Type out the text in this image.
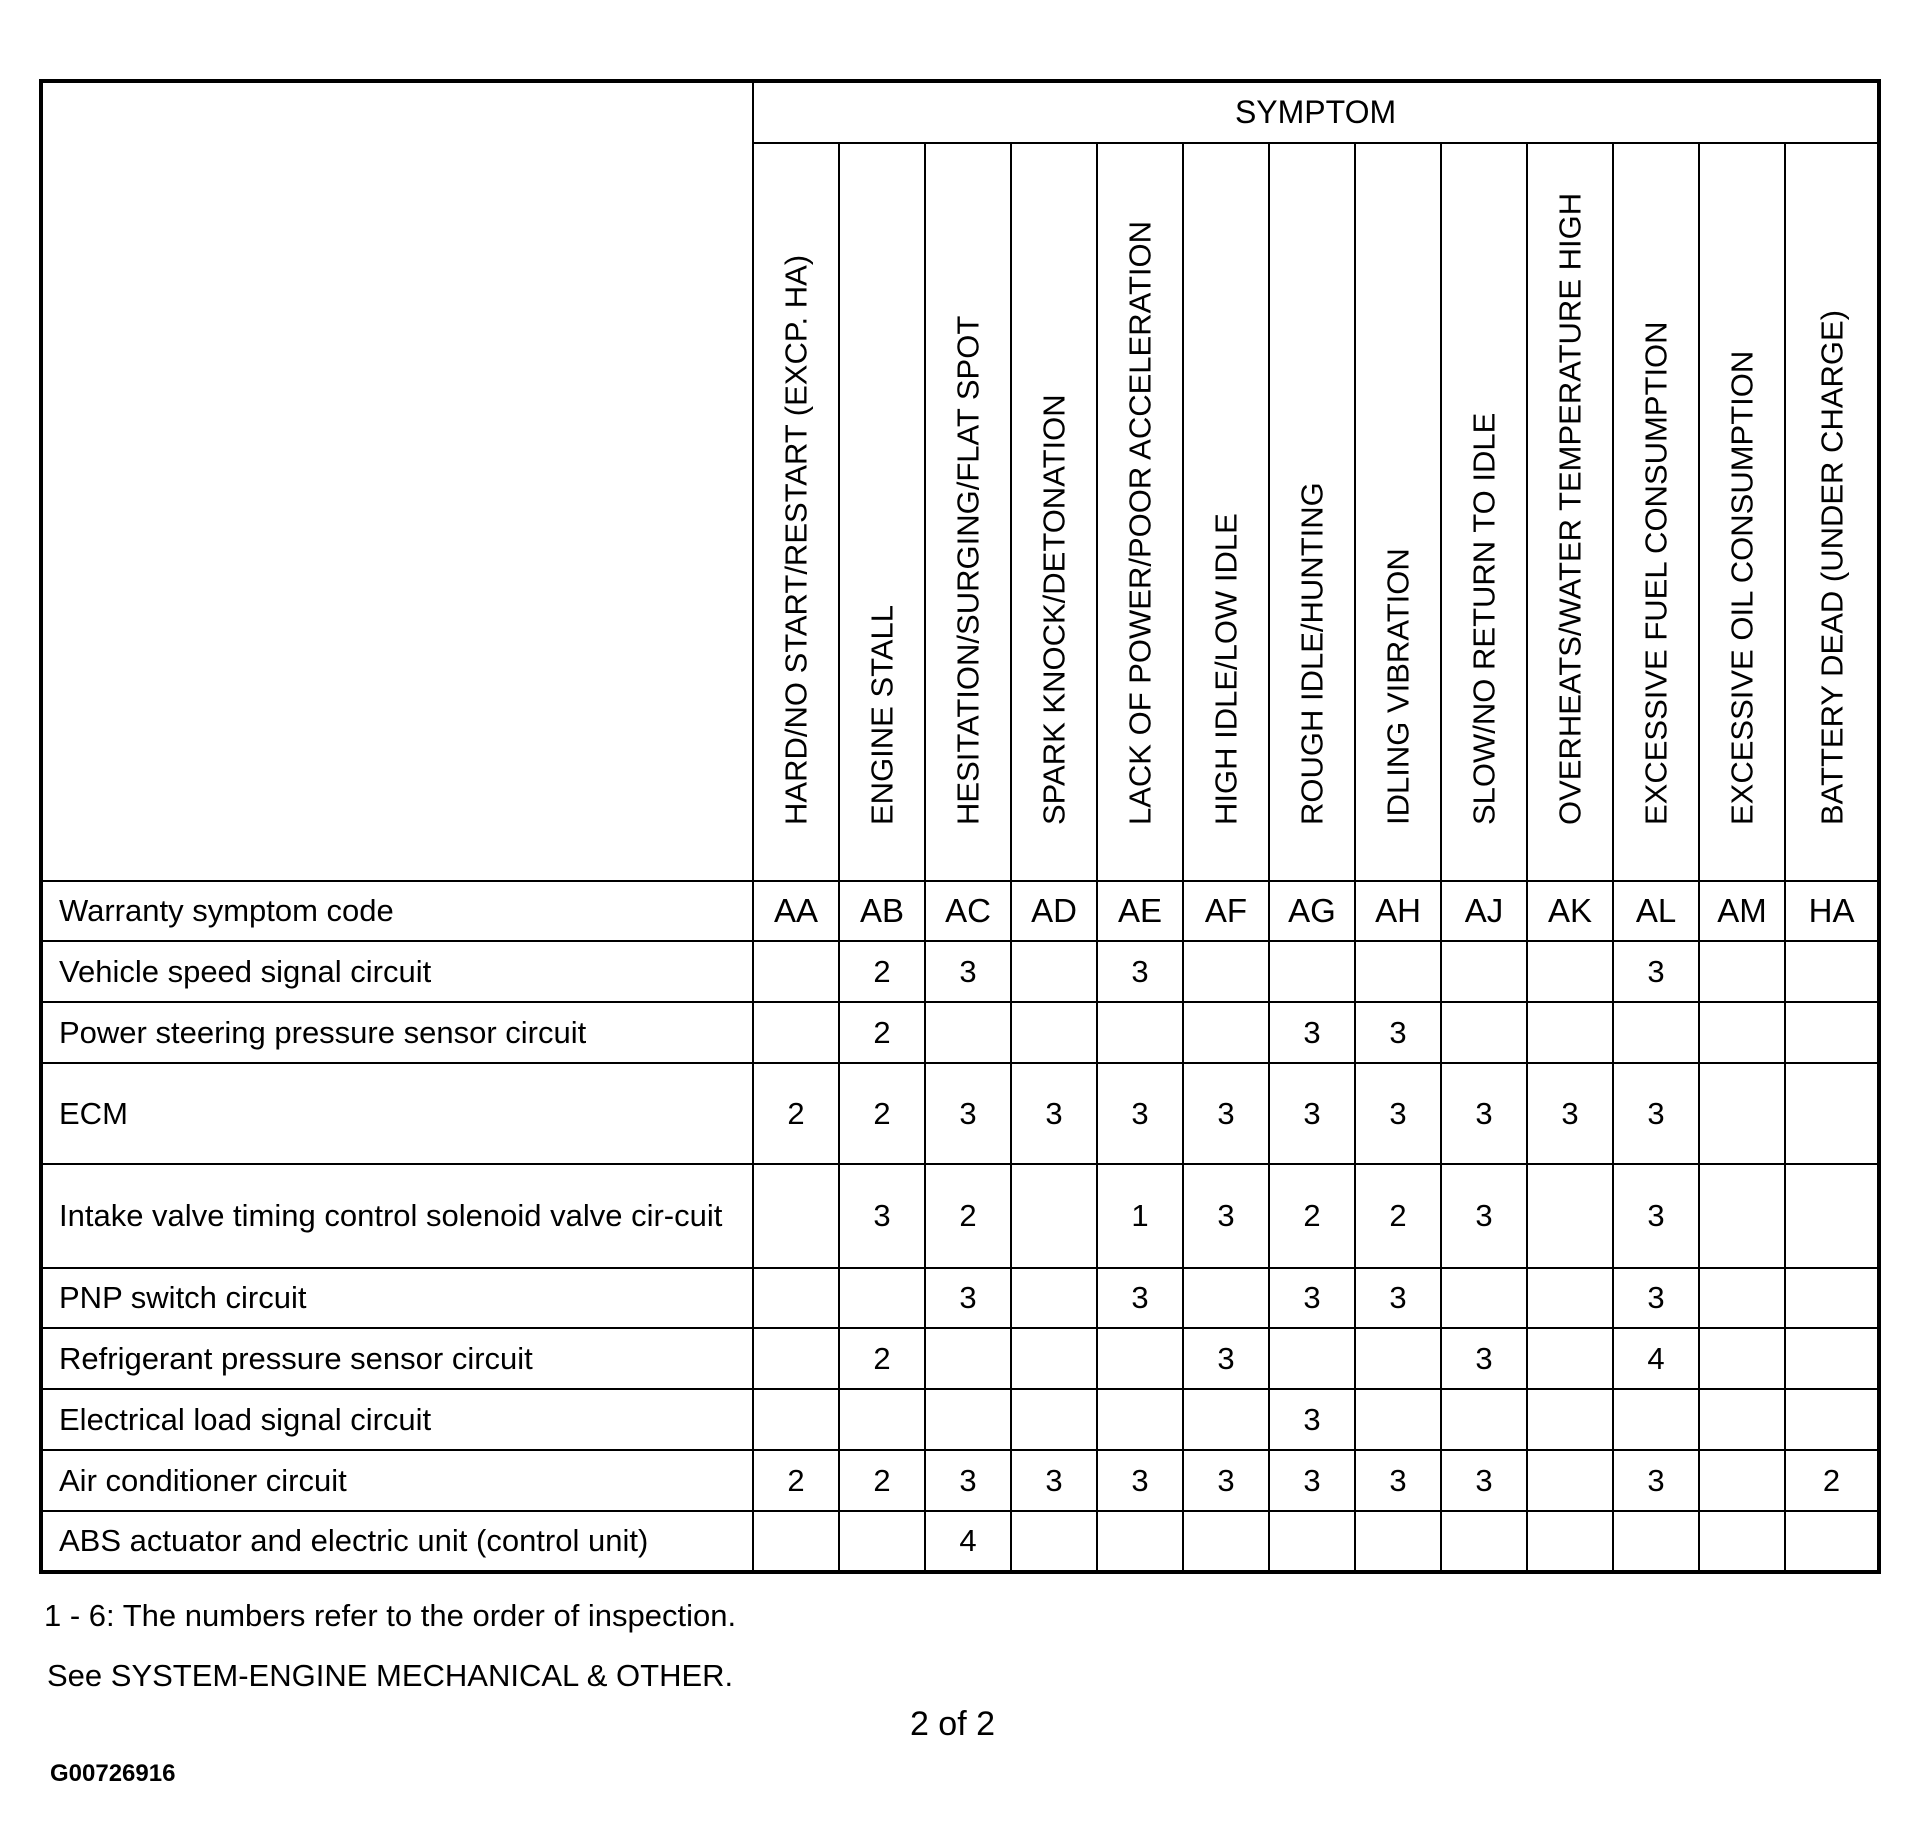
	SYMPTOM												

	HARD/NO START/RESTART (EXCP. HA)	ENGINE STALL	HESITATION/SURGING/FLAT SPOT	SPARK KNOCK/DETONATION	LACK OF POWER/POOR ACCELERATION	HIGH IDLE/LOW IDLE	ROUGH IDLE/HUNTING	IDLING VIBRATION	SLOW/NO RETURN TO IDLE	OVERHEATS/WATER TEMPERATURE HIGH	EXCESSIVE FUEL CONSUMPTION	EXCESSIVE OIL CONSUMPTION	BATTERY DEAD (UNDER CHARGE)

Warranty symptom code	AA	AB	AC	AD	AE	AF	AG	AH	AJ	AK	AL	AM	HA
Vehicle speed signal circuit		2	3		3						3		
Power steering pressure sensor circuit		2					3	3					
ECM	2	2	3	3	3	3	3	3	3	3	3		
Intake valve timing control solenoid valve cir-cuit		3	2		1	3	2	2	3		3		
PNP switch circuit			3		3		3	3			3		
Refrigerant pressure sensor circuit		2				3			3		4		
Electrical load signal circuit							3						
Air conditioner circuit	2	2	3	3	3	3	3	3	3		3		2
ABS actuator and electric unit (control unit)			4										
1 - 6: The numbers refer to the order of inspection.
See SYSTEM-ENGINE MECHANICAL & OTHER.
2 of 2
G00726916
